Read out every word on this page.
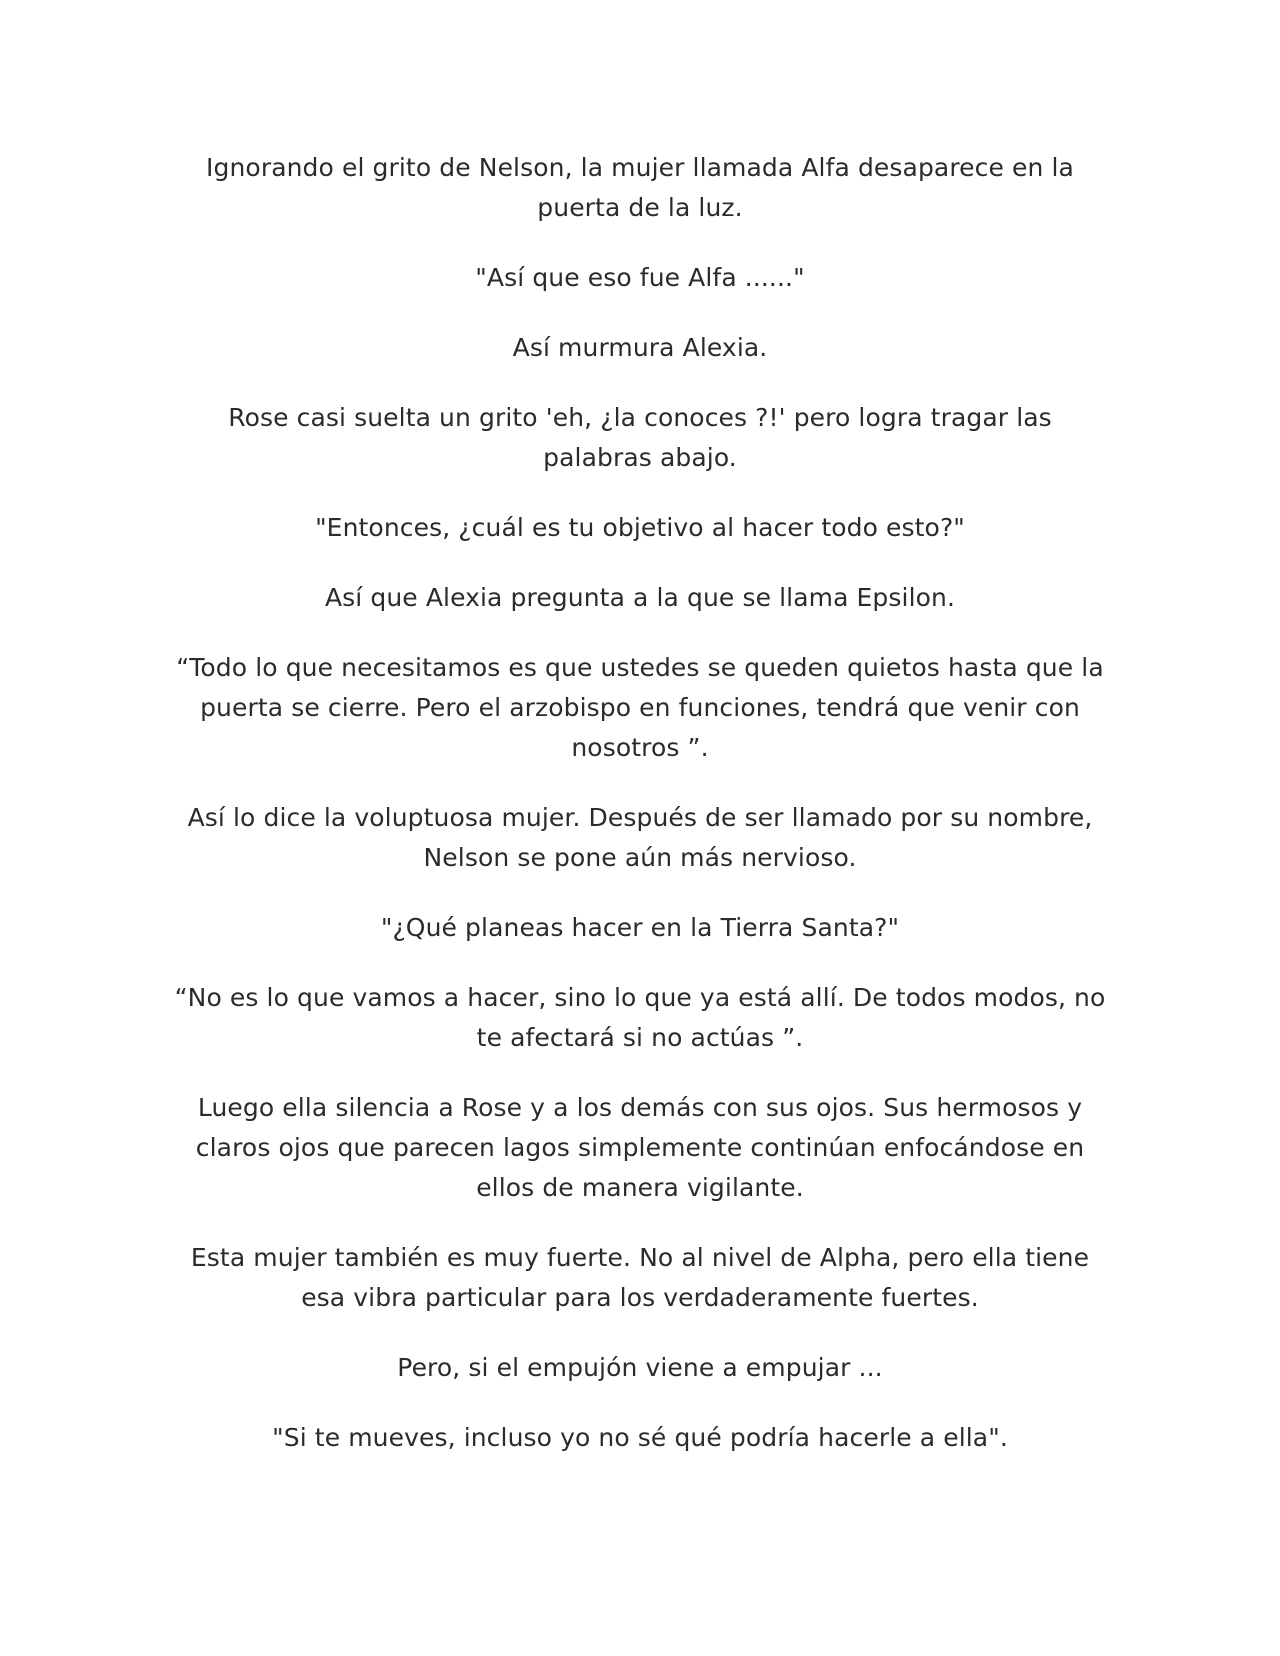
Ignorando el grito de Nelson, la mujer llamada Alfa desaparece en la puerta de la luz.

"Así que eso fue Alfa ......"

Así murmura Alexia.

Rose casi suelta un grito 'eh, ¿la conoces ?!' pero logra tragar las palabras abajo.

"Entonces, ¿cuál es tu objetivo al hacer todo esto?"

Así que Alexia pregunta a la que se llama Epsilon.

“Todo lo que necesitamos es que ustedes se queden quietos hasta que la puerta se cierre. Pero el arzobispo en funciones, tendrá que venir con nosotros ”.

Así lo dice la voluptuosa mujer. Después de ser llamado por su nombre, Nelson se pone aún más nervioso.

"¿Qué planeas hacer en la Tierra Santa?"

“No es lo que vamos a hacer, sino lo que ya está allí. De todos modos, no te afectará si no actúas ”.

Luego ella silencia a Rose y a los demás con sus ojos. Sus hermosos y claros ojos que parecen lagos simplemente continúan enfocándose en ellos de manera vigilante.

Esta mujer también es muy fuerte. No al nivel de Alpha, pero ella tiene esa vibra particular para los verdaderamente fuertes.

Pero, si el empujón viene a empujar ...

"Si te mueves, incluso yo no sé qué podría hacerle a ella".
